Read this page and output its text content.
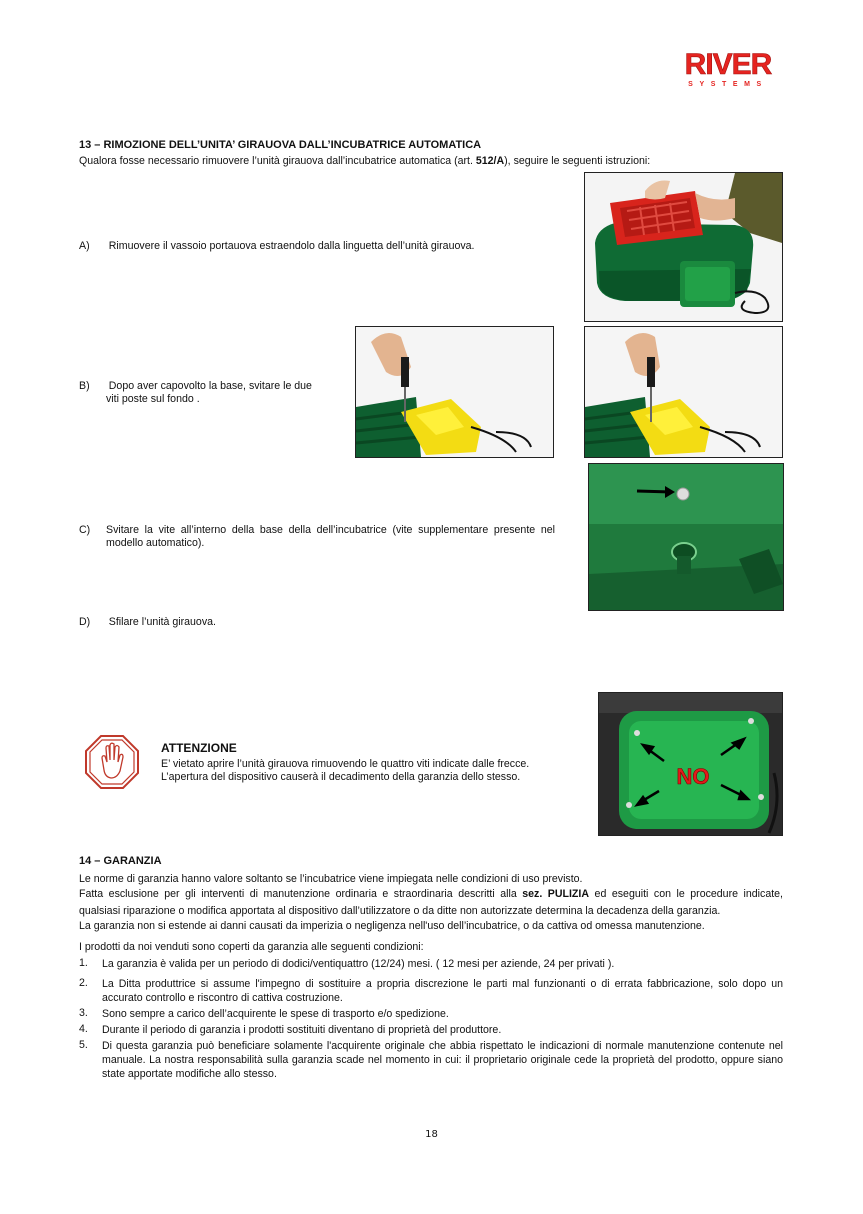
RIVER
SYSTEMS
13 – RIMOZIONE DELL’UNITA’ GIRAUOVA DALL’INCUBATRICE AUTOMATICA
Qualora fosse necessario rimuovere l’unità girauova dall’incubatrice automatica (art. 512/A), seguire le seguenti istruzioni:
A) Rimuovere il vassoio portauova estraendolo dalla linguetta dell’unità girauova.
B) Dopo aver capovolto la base, svitare le due
viti poste sul fondo .
C)	Svitare la vite all’interno della base della dell’incubatrice (vite supplementare presente nel
modello automatico).
D) Sfilare l’unità girauova.
ATTENZIONE
E’ vietato aprire l’unità girauova rimuovendo le quattro viti indicate dalle frecce.
L’apertura del dispositivo causerà il decadimento della garanzia dello stesso.	NO
14 – GARANZIA
Le norme di garanzia hanno valore soltanto se l’incubatrice viene impiegata nelle condizioni di uso previsto.
Fatta esclusione per gli interventi di manutenzione ordinaria e straordinaria descritti alla sez. PULIZIA ed eseguiti con le procedure indicate,
qualsiasi riparazione o modifica apportata al dispositivo dall’utilizzatore o da ditte non autorizzate determina la decadenza della garanzia.
La garanzia non si estende ai danni causati da imperizia o negligenza nell'uso dell’incubatrice, o da cattiva od omessa manutenzione.
I prodotti da noi venduti sono coperti da garanzia alle seguenti condizioni:
1. La garanzia è valida per un periodo di dodici/ventiquattro (12/24) mesi. ( 12 mesi per aziende, 24 per privati ).
2. La Ditta produttrice si assume l'impegno di sostituire a propria discrezione le parti mal funzionanti o di errata fabbricazione, solo dopo un accurato controllo e riscontro di cattiva costruzione.
3. Sono sempre a carico dell’acquirente le spese di trasporto e/o spedizione.
4. Durante il periodo di garanzia i prodotti sostituiti diventano di proprietà del produttore.
5. Di questa garanzia può beneficiare solamente l'acquirente originale che abbia rispettato le indicazioni di normale manutenzione contenute nel manuale. La nostra responsabilità sulla garanzia scade nel momento in cui: il proprietario originale cede la proprietà del prodotto, oppure siano state apportate modifiche allo stesso.
18
